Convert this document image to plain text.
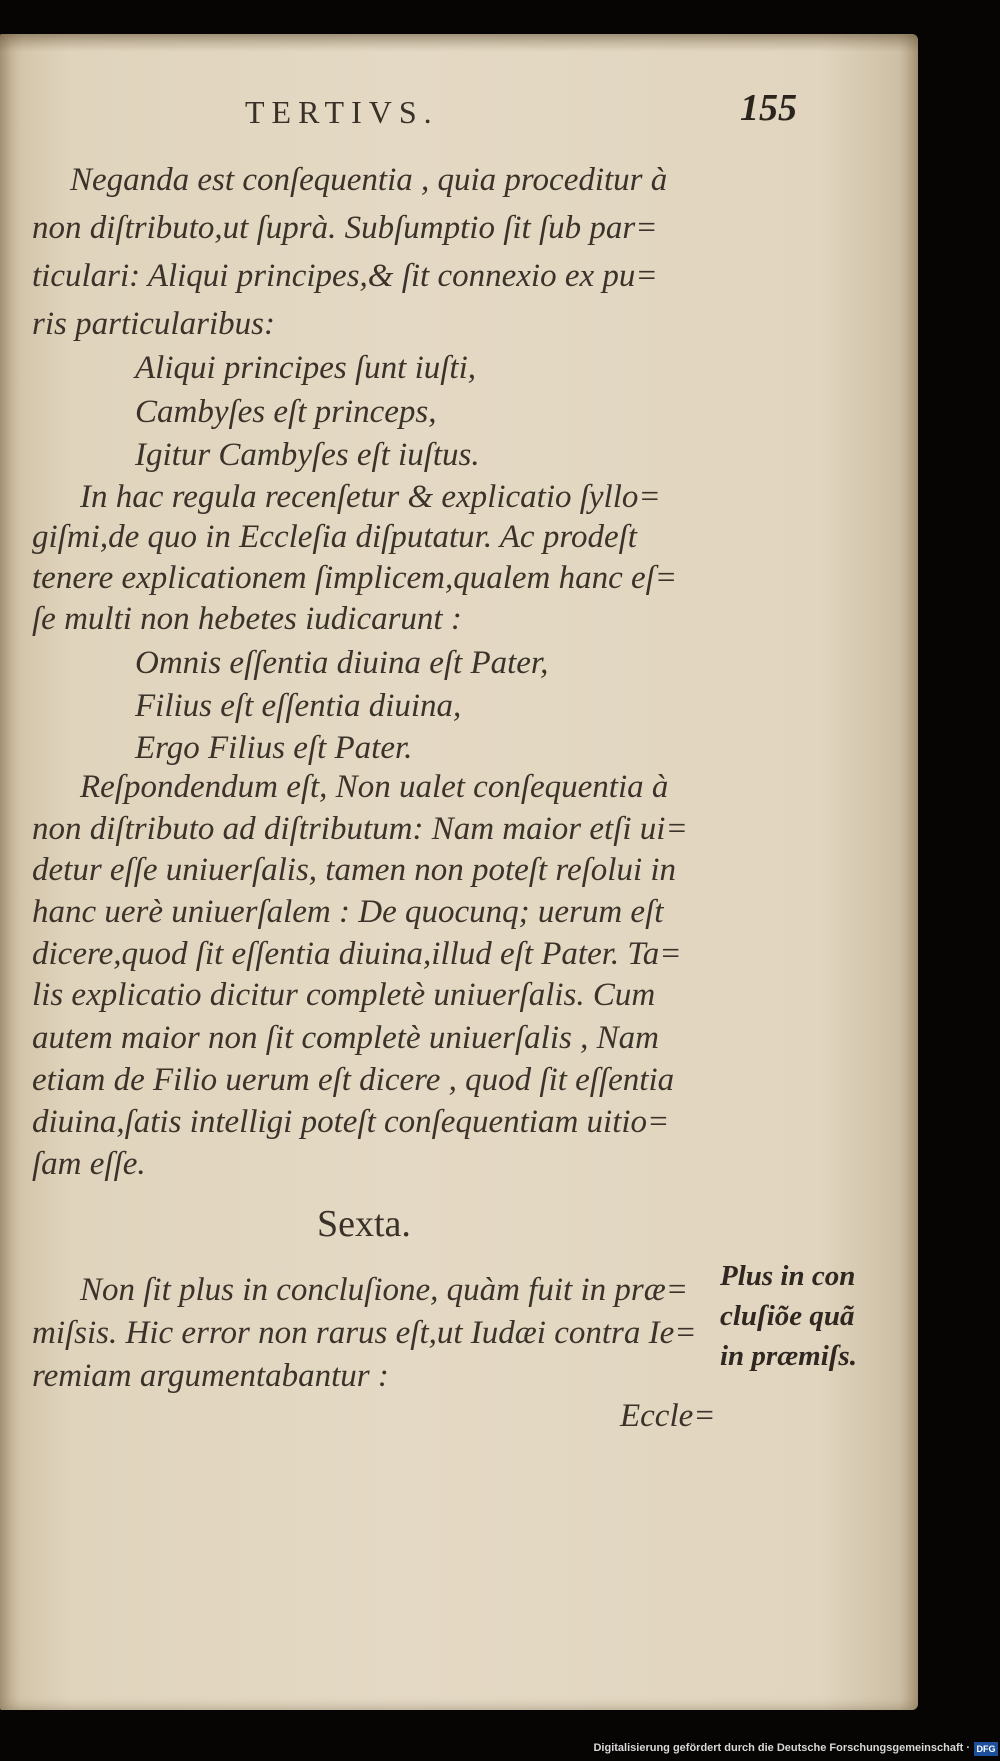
TERTIVS.	155
Negandа est conſequentia , quia proceditur à
non diſtributo,ut ſuprà. Subſumptio ſit ſub par=
ticulari: Aliqui principes,& ſit connexio ex pu=
ris particularibus:
Aliqui principes ſunt iuſti,
Cambyſes eſt princeps,
Igitur Cambyſes eſt iuſtus.
In hac regula recenſetur & explicatio ſyllo=
giſmi,de quo in Eccleſia diſputatur. Ac prodeſt
tenere explicationem ſimplicem,qualem hanc eſ=
ſe multi non hebetes iudicarunt :
Omnis eſſentia diuina eſt Pater,
Filius eſt eſſentia diuina,
Ergo Filius eſt Pater.
Reſpondendum eſt, Non ualet conſequentia à
non diſtributo ad diſtributum: Nam maior etſi ui=
detur eſſe uniuerſalis, tamen non poteſt reſolui in
hanc uerè uniuerſalem : De quocunq; uerum eſt
dicere,quod ſit eſſentia diuina,illud eſt Pater. Ta=
lis explicatio dicitur completè uniuerſalis. Cum
autem maior non ſit completè uniuerſalis , Nam
etiam de Filio uerum eſt dicere , quod ſit eſſentia
diuina,ſatis intelligi poteſt conſequentiam uitio=
ſam eſſe.
Sexta.
Non ſit plus in concluſione, quàm fuit in præ=
miſsis. Hic error non rarus eſt,ut Iudæi contra Ie=
remiam argumentabantur :
Eccle=
Plus in con
cluſiõe quã
in præmiſs.
Digitalisierung gefördert durch die Deutsche Forschungsgemeinschaft · DFG
